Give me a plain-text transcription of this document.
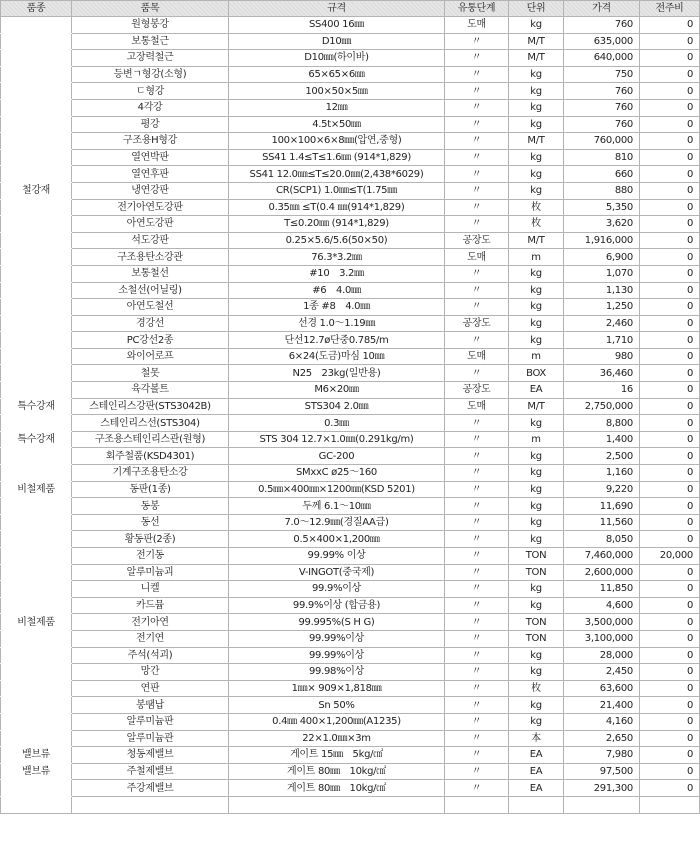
품종	품목	규격	유통단계	단위	가격	전주비
	원형봉강	SS400 16㎜	도매	kg	760	0
	보통철근	D10㎜	〃	M/T	635,000	0
	고장력철근	D10㎜(하이바)	〃	M/T	640,000	0
	등변ㄱ형강(소형)	65×65×6㎜	〃	kg	750	0
	ㄷ형강	100×50×5㎜	〃	kg	760	0
	4각강	12㎜	〃	kg	760	0
	평강	4.5t×50㎜	〃	kg	760	0
	구조용H형강	100×100×6×8㎜(압연,중형)	〃	M/T	760,000	0
	열연박판	SS41 1.4≤T≤1.6㎜ (914*1,829)	〃	kg	810	0
	열연후판	SS41 12.0㎜≤T≤20.0㎜(2,438*6029)	〃	kg	660	0
철강재	냉연강판	CR(SCP1) 1.0㎜≤T(1.75㎜	〃	kg	880	0
	전기아연도강판	0.35㎜ ≤T(0.4 ㎜(914*1,829)	〃	枚	5,350	0
	아연도강판	T≤0.20㎜ (914*1,829)	〃	枚	3,620	0
	석도강판	0.25×5.6/5.6(50×50)	공장도	M/T	1,916,000	0
	구조용탄소강관	76.3*3.2㎜	도매	m	6,900	0
	보통철선	#10　3.2㎜	〃	kg	1,070	0
	소철선(어닐링)	#6　4.0㎜	〃	kg	1,130	0
	아연도철선	1종 #8　4.0㎜	〃	kg	1,250	0
	경강선	선경 1.0～1.19㎜	공장도	kg	2,460	0
	PC강선2종	단선12.7ø단중0.785/m	〃	kg	1,710	0
	와이어로프	6×24(도금)마심 10㎜	도매	m	980	0
	철못	N25　23kg(일반용)	〃	BOX	36,460	0
	육각볼트	M6×20㎜	공장도	EA	16	0
특수강재	스테인리스강판(STS3042B)	STS304 2.0㎜	도매	M/T	2,750,000	0
	스테인리스선(STS304)	0.3㎜	〃	kg	8,800	0
특수강재	구조용스테인리스관(원형)	STS 304 12.7×1.0㎜(0.291kg/m)	〃	m	1,400	0
	회주철품(KSD4301)	GC-200	〃	kg	2,500	0
	기계구조용탄소강	SMxxC ø25～160	〃	kg	1,160	0
비철제품	동판(1종)	0.5㎜×400㎜×1200㎜(KSD 5201)	〃	kg	9,220	0
	동봉	두께 6.1～10㎜	〃	kg	11,690	0
	동선	7.0～12.9㎜(경질AA급)	〃	kg	11,560	0
	황동판(2종)	0.5×400×1,200㎜	〃	kg	8,050	0
	전기동	99.99% 이상	〃	TON	7,460,000	20,000
	알루미늄괴	V-INGOT(중국제)	〃	TON	2,600,000	0
	니켈	99.9%이상	〃	kg	11,850	0
	카드뮴	99.9%이상 (합금용)	〃	kg	4,600	0
비철제품	전기아연	99.995%(S H G)	〃	TON	3,500,000	0
	전기연	99.99%이상	〃	TON	3,100,000	0
	주석(석괴)	99.99%이상	〃	kg	28,000	0
	망간	99.98%이상	〃	kg	2,450	0
	연판	1㎜× 909×1,818㎜	〃	枚	63,600	0
	봉땜납	Sn 50%	〃	kg	21,400	0
	알루미늄판	0.4㎜ 400×1,200㎜(A1235)	〃	kg	4,160	0
	알루미늄관	22×1.0㎜×3m	〃	本	2,650	0
밸브류	청동제밸브	게이트 15㎜　5kg/㎠	〃	EA	7,980	0
밸브류	주철제밸브	게이트 80㎜　10kg/㎠	〃	EA	97,500	0
	주강제밸브	게이트 80㎜　10kg/㎠	〃	EA	291,300	0
